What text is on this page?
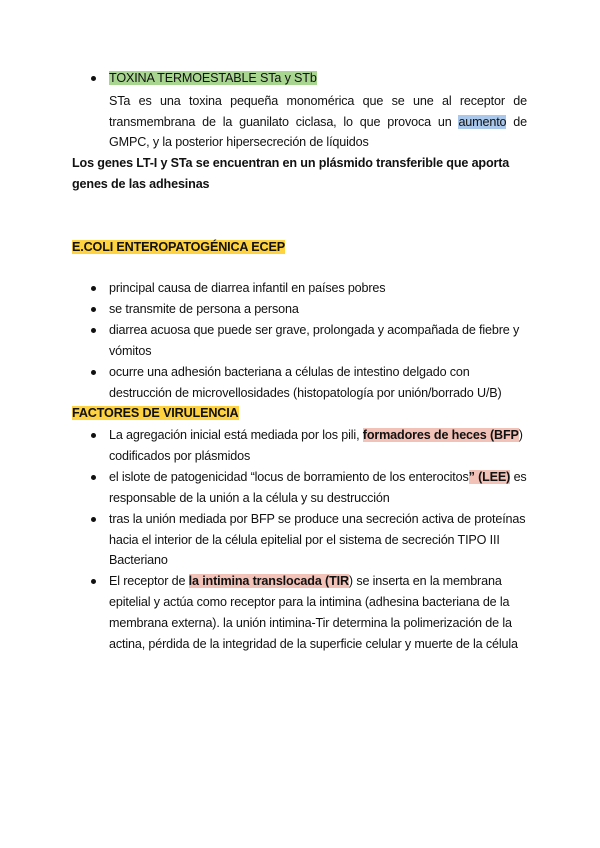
TOXINA TERMOESTABLE STa y STb
STa es una toxina pequeña monomérica que se une al receptor de
transmembrana de la guanilato ciclasa, lo que provoca un aumento de
GMPC, y la posterior hipersecreción de líquidos
Los genes LT-I y STa se encuentran en un plásmido transferible que aporta
genes de las adhesinas
E.COLI ENTEROPATOGÉNICA ECEP
principal causa de diarrea infantil en países pobres
se transmite de persona a persona
diarrea acuosa que puede ser grave, prolongada y acompañada de fiebre y
vómitos
ocurre una adhesión bacteriana a células de intestino delgado con
destrucción de microvellosidades (histopatología por unión/borrado U/B)
FACTORES DE VIRULENCIA
La agregación inicial está mediada por los pili, formadores de heces (BFP)
codificados por plásmidos
el islote de patogenicidad “locus de borramiento de los enterocitos” (LEE) es
responsable de la unión a la célula y su destrucción
tras la unión mediada por BFP se produce una secreción activa de proteínas
hacia el interior de la célula epitelial por el sistema de secreción TIPO III
Bacteriano
El receptor de la intimina translocada (TIR) se inserta en la membrana
epitelial y actúa como receptor para la intimina (adhesina bacteriana de la
membrana externa). la unión intimina-Tir determina la polimerización de la
actina, pérdida de la integridad de la superficie celular y muerte de la célula
